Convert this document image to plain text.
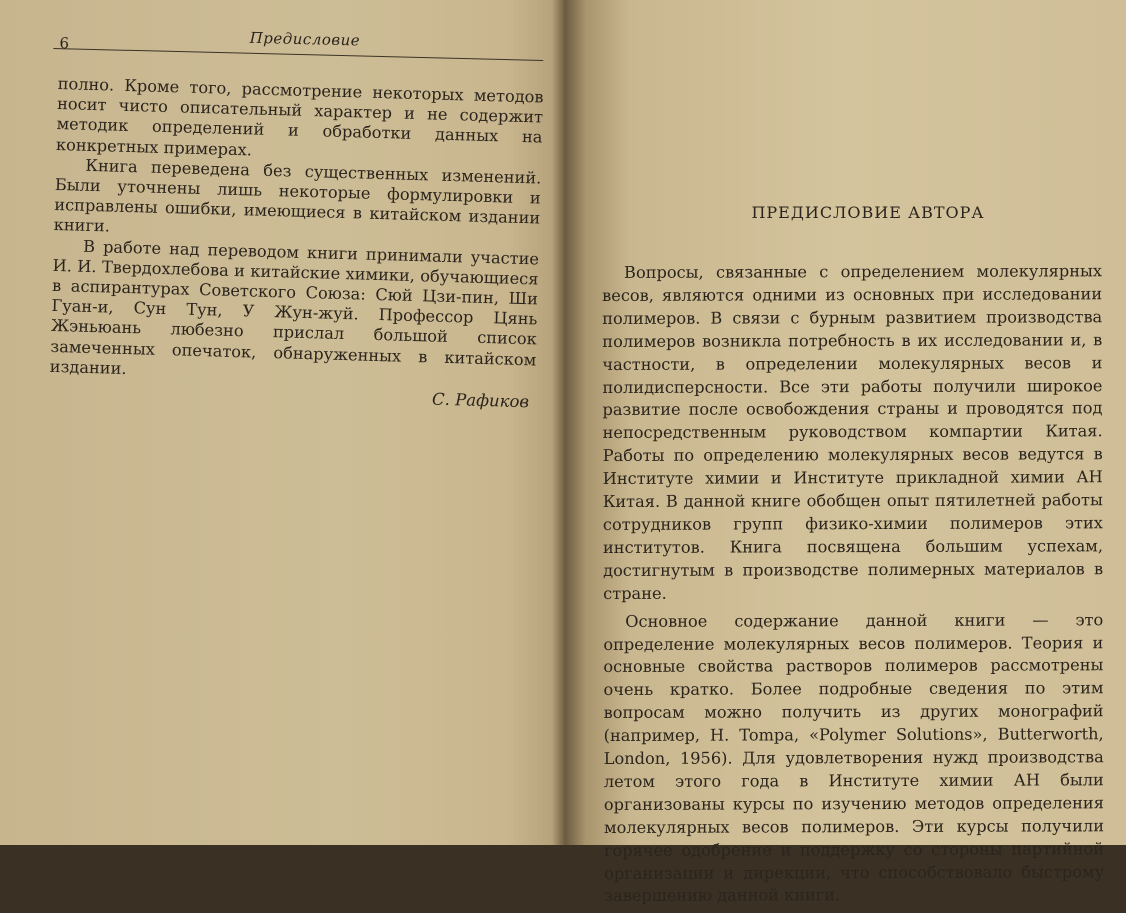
6	Предисловие

полно. Кроме того, рассмотрение некоторых методов носит чисто описательный характер и не содержит методик определений и обработки данных на конкретных примерах.

Книга переведена без существенных изменений. Были уточнены лишь некоторые формулировки и исправлены ошибки, имеющиеся в китайском издании книги.

В работе над переводом книги принимали участие И. И. Твердохлебова и китайские химики, обучающиеся в аспирантурах Советского Союза: Сюй Цзи-пин, Ши Гуан-и, Сун Тун, У Жун-жуй. Профессор Цянь Жэньюань любезно прислал большой список замеченных опечаток, обнаруженных в китайском издании.

С. Рафиков
ПРЕДИСЛОВИЕ АВТОРА

Вопросы, связанные с определением молекулярных весов, являются одними из основных при исследовании полимеров. В связи с бурным развитием производства полимеров возникла потребность в их исследовании и, в частности, в определении молекулярных весов и полидисперсности. Все эти работы получили широкое развитие после освобождения страны и проводятся под непосредственным руководством компартии Китая. Работы по определению молекулярных весов ведутся в Институте химии и Институте прикладной химии АН Китая. В данной книге обобщен опыт пятилетней работы сотрудников групп физико-химии полимеров этих институтов. Книга посвящена большим успехам, достигнутым в производстве полимерных материалов в стране.

Основное содержание данной книги — это определение молекулярных весов полимеров. Теория и основные свойства растворов полимеров рассмотрены очень кратко. Более подробные сведения по этим вопросам можно получить из других монографий (например, H. Tompa, «Polymer Solutions», Butterworth, London, 1956). Для удовлетворения нужд производства летом этого года в Институте химии АН были организованы курсы по изучению методов определения молекулярных весов полимеров. Эти курсы получили горячее одобрение и поддержку со стороны партийной организации и дирекции, что способствовало быстрому завершению данной книги.
